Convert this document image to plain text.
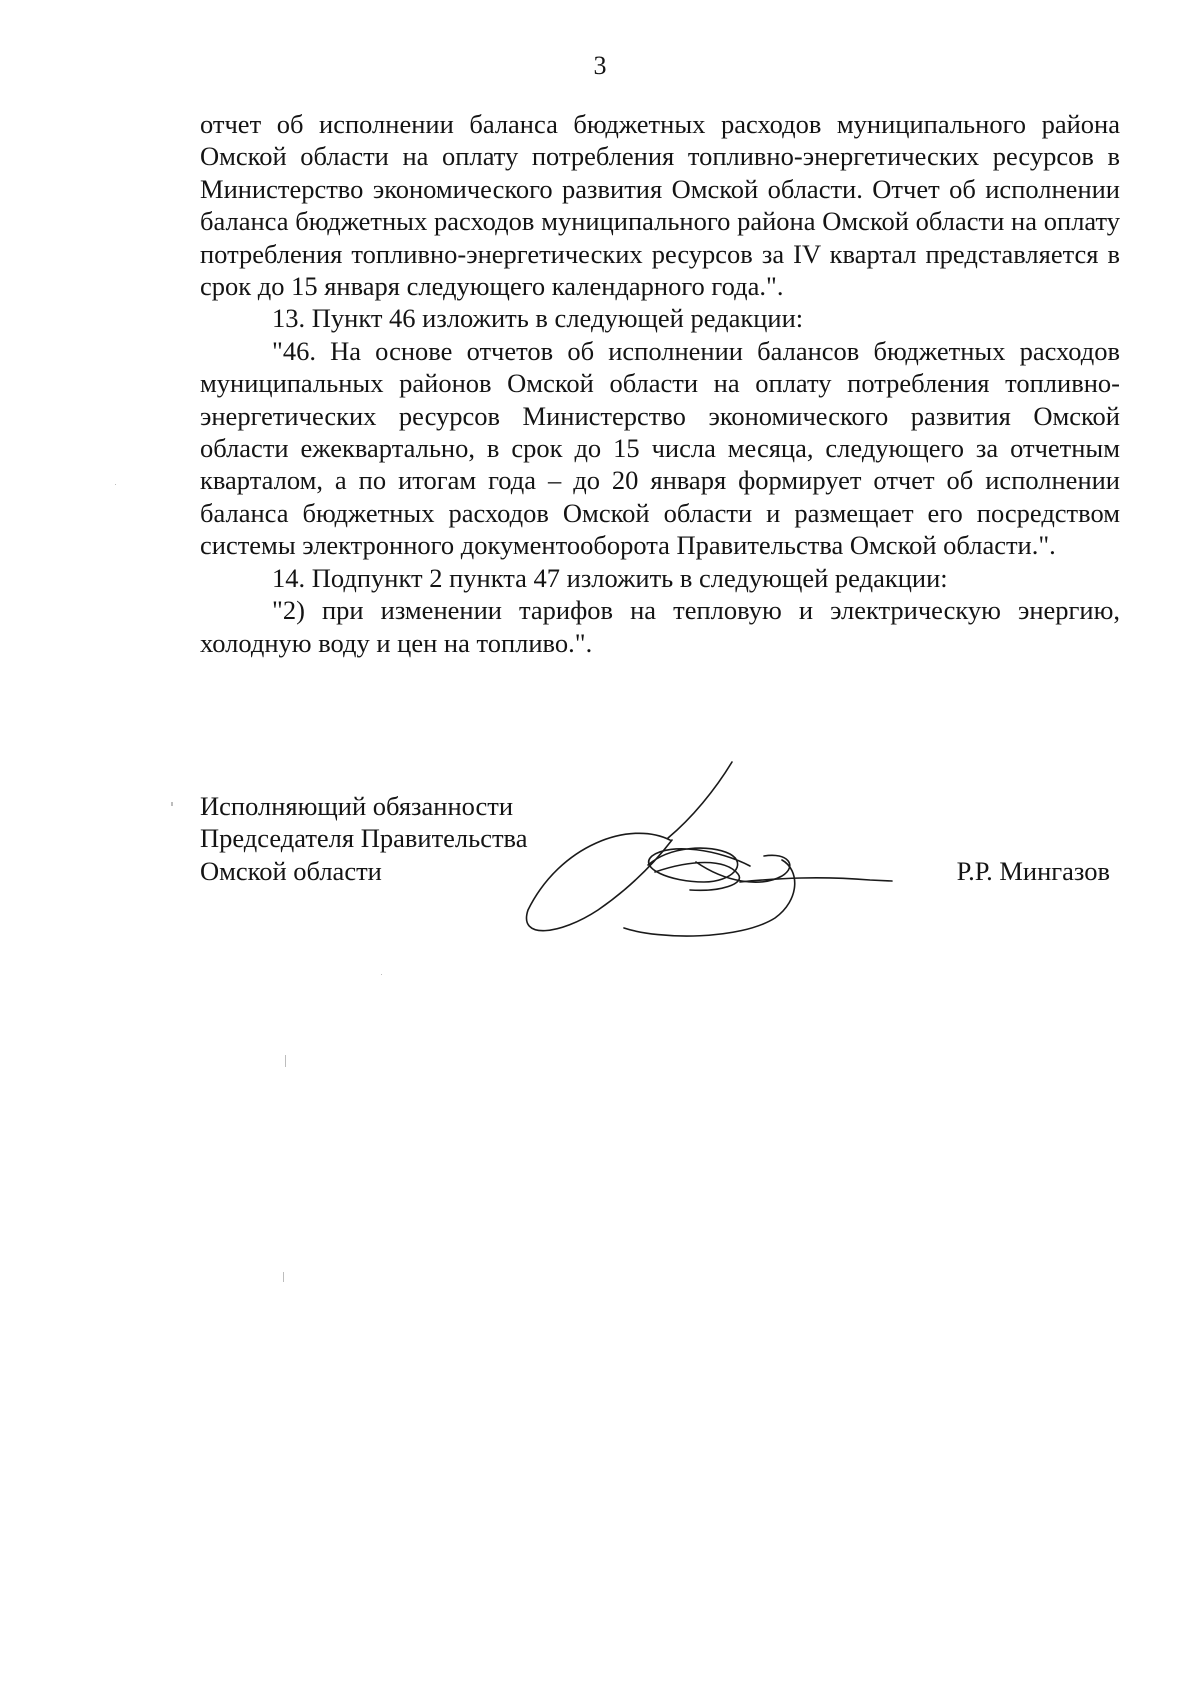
3

отчет об исполнении баланса бюджетных расходов муниципального района Омской области на оплату потребления топливно-энергетических ресурсов в Министерство экономического развития Омской области. Отчет об исполнении баланса бюджетных расходов муниципального района Омской области на оплату потребления топливно-энергетических ресурсов за IV квартал представляется в срок до 15 января следующего календарного года.".

13. Пункт 46 изложить в следующей редакции:

"46. На основе отчетов об исполнении балансов бюджетных расходов муниципальных районов Омской области на оплату потребления топливно-энергетических ресурсов Министерство экономического развития Омской области ежеквартально, в срок до 15 числа месяца, следующего за отчетным кварталом, а по итогам года – до 20 января формирует отчет об исполнении баланса бюджетных расходов Омской области и размещает его посредством системы электронного документооборота Правительства Омской области.".

14. Подпункт 2 пункта 47 изложить в следующей редакции:

"2) при изменении тарифов на тепловую и электрическую энергию, холодную воду и цен на топливо.".

Исполняющий обязанности
Председателя Правительства
Омской области	Р.Р. Мингазов
